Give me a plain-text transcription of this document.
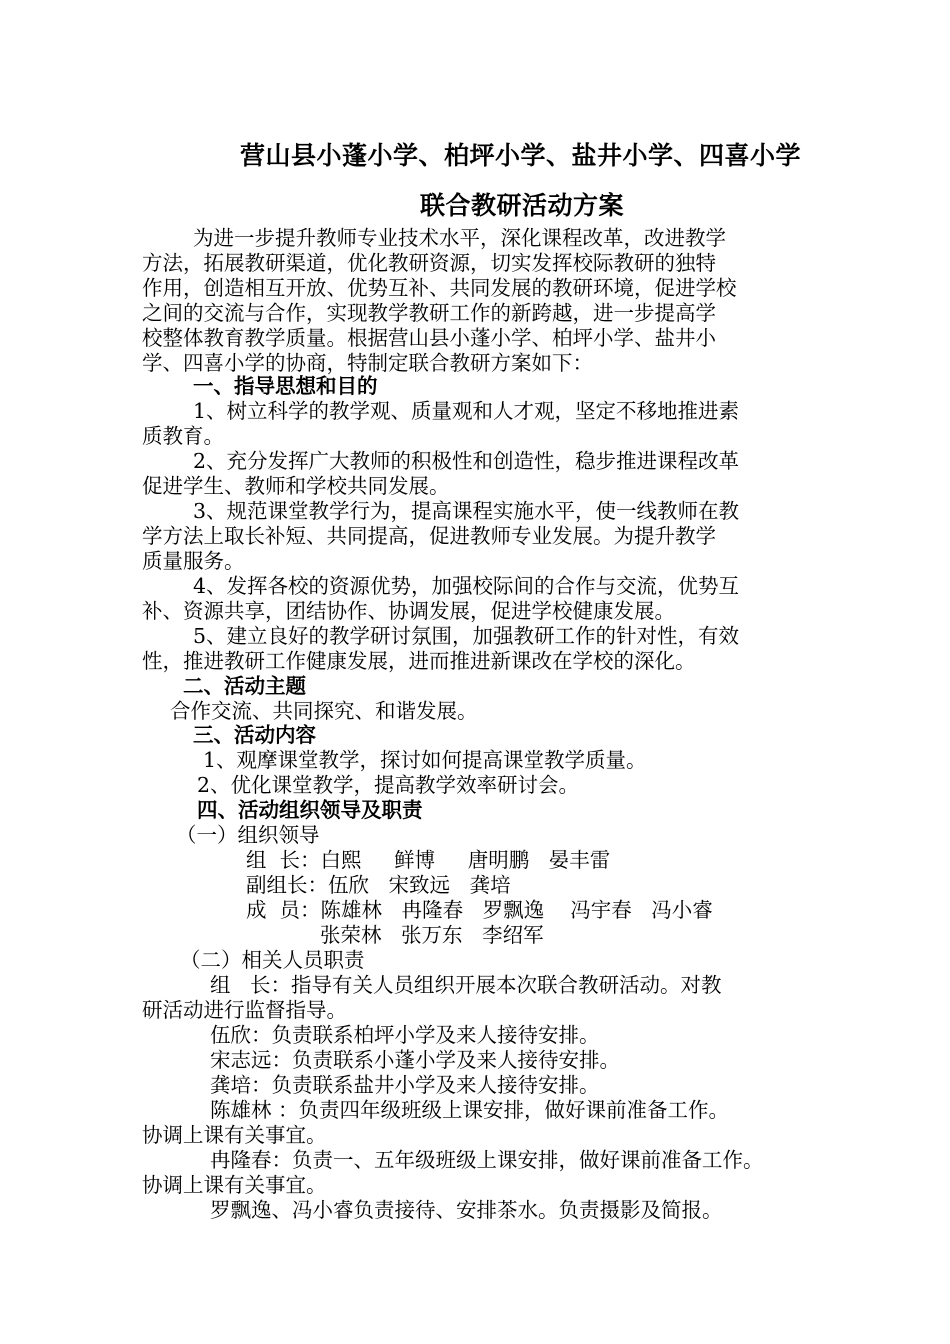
营山县小蓬小学、柏坪小学、盐井小学、四喜小学
联合教研活动方案
为进一步提升教师专业技术水平，深化课程改革，改进教学
方法，拓展教研渠道，优化教研资源，切实发挥校际教研的独特
作用，创造相互开放、优势互补、共同发展的教研环境，促进学校
之间的交流与合作，实现教学教研工作的新跨越，进一步提高学
校整体教育教学质量。根据营山县小蓬小学、柏坪小学、盐井小
学、四喜小学的协商，特制定联合教研方案如下：
一、指导思想和目的
1、树立科学的教学观、质量观和人才观，坚定不移地推进素
质教育。
2、充分发挥广大教师的积极性和创造性，稳步推进课程改革
促进学生、教师和学校共同发展。
3、规范课堂教学行为，提高课程实施水平，使一线教师在教
学方法上取长补短、共同提高，促进教师专业发展。为提升教学
质量服务。
4、发挥各校的资源优势，加强校际间的合作与交流，优势互
补、资源共享，团结协作、协调发展，促进学校健康发展。
5、建立良好的教学研讨氛围，加强教研工作的针对性，有效
性，推进教研工作健康发展，进而推进新课改在学校的深化。
二、活动主题
合作交流、共同探究、和谐发展。
三、活动内容
1、观摩课堂教学，探讨如何提高课堂教学质量。
2、优化课堂教学，提高教学效率研讨会。
四、活动组织领导及职责
（一）组织领导
组  长：白熙     鲜博     唐明鹏   晏丰雷
副组长：伍欣   宋致远   龚培
成  员：陈雄林   冉隆春   罗飘逸    冯宇春   冯小睿
张荣林   张万东   李绍军
（二）相关人员职责
组   长：指导有关人员组织开展本次联合教研活动。对教
研活动进行监督指导。
伍欣：负责联系柏坪小学及来人接待安排。
宋志远：负责联系小蓬小学及来人接待安排。
龚培：负责联系盐井小学及来人接待安排。
陈雄林 ：负责四年级班级上课安排，做好课前准备工作。
协调上课有关事宜。
冉隆春：负责一、五年级班级上课安排，做好课前准备工作。
协调上课有关事宜。
罗飘逸、冯小睿负责接待、安排茶水。负责摄影及简报。
